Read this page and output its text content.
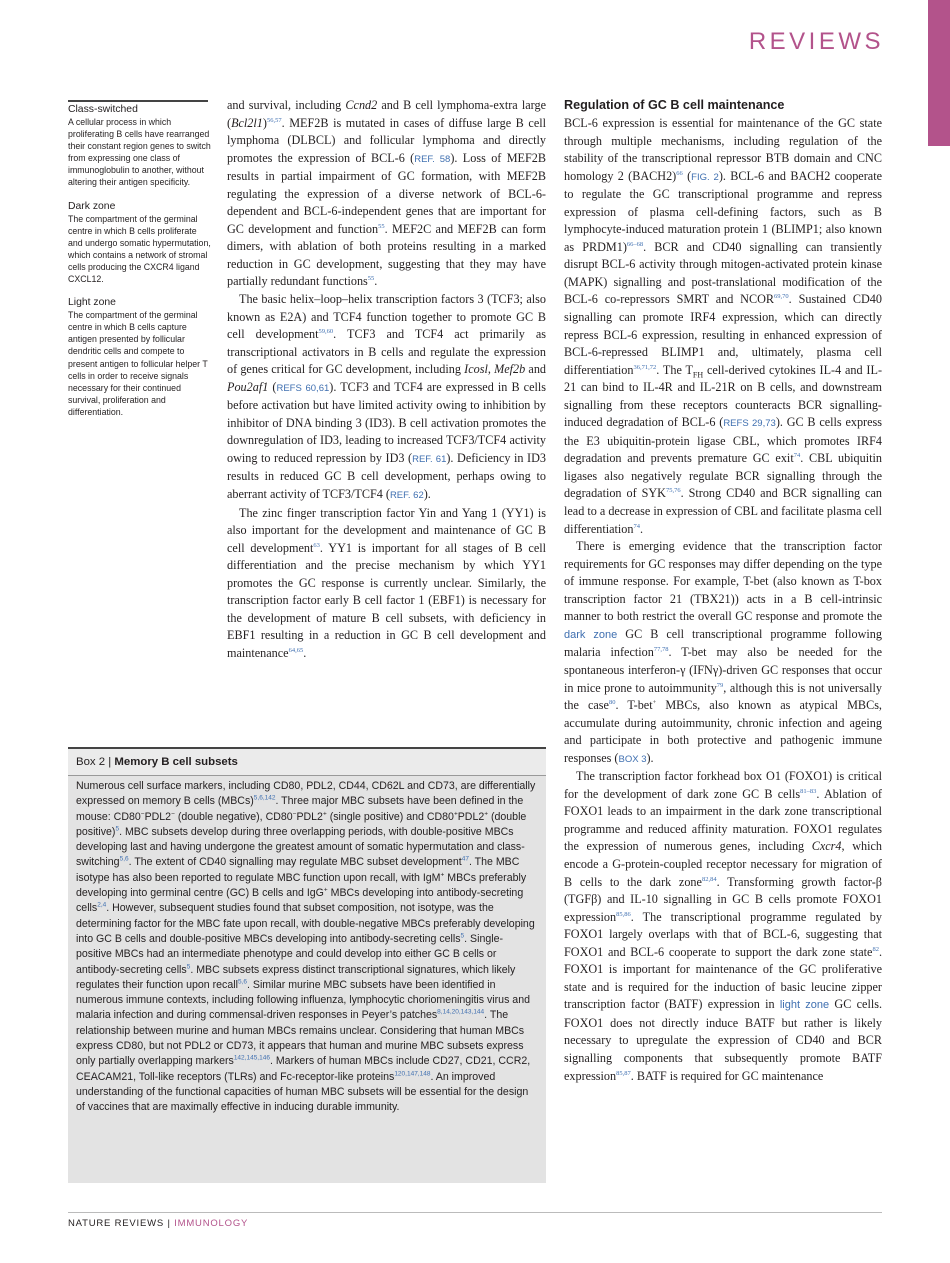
REVIEWS
Class-switched
A cellular process in which proliferating B cells have rearranged their constant region genes to switch from expressing one class of immunoglobulin to another, without altering their antigen specificity.
Dark zone
The compartment of the germinal centre in which B cells proliferate and undergo somatic hypermutation, which contains a network of stromal cells producing the CXCR4 ligand CXCL12.
Light zone
The compartment of the germinal centre in which B cells capture antigen presented by follicular dendritic cells and compete to present antigen to follicular helper T cells in order to receive signals necessary for their continued survival, proliferation and differentiation.

and survival, including Ccnd2 and B cell lymphoma-extra large $(Bcl2l1)^{56,57}$. MEF2B is mutated in cases of diffuse large B cell lymphoma (DLBCL) and follicular lymphoma and directly promotes the expression of BCL-6 (REF. 58). Loss of MEF2B results in partial impairment of GC formation, with MEF2B regulating the expression of a diverse network of BCL-6-dependent and BCL-6-independent genes that are important for GC development and function$^{55}$. MEF2C and MEF2B can form dimers, with ablation of both proteins resulting in a marked reduction in GC development, suggesting that they may have partially redundant functions$^{55}$.

The basic helix–loop–helix transcription factors 3 (TCF3; also known as E2A) and TCF4 function together to promote GC B cell development$^{59,60}$. TCF3 and TCF4 act primarily as transcriptional activators in B cells and regulate the expression of genes critical for GC development, including Icosl, Mef2b and Pou2af1 (REFS 60,61). TCF3 and TCF4 are expressed in B cells before activation but have limited activity owing to inhibition by inhibitor of DNA binding 3 (ID3). B cell activation promotes the downregulation of ID3, leading to increased TCF3/TCF4 activity owing to reduced repression by ID3 (REF. 61). Deficiency in ID3 results in reduced GC B cell development, perhaps owing to aberrant activity of TCF3/TCF4 (REF. 62).

The zinc finger transcription factor Yin and Yang 1 (YY1) is also important for the development and maintenance of GC B cell development$^{63}$. YY1 is important for all stages of B cell differentiation and the precise mechanism by which YY1 promotes the GC response is currently unclear. Similarly, the transcription factor early B cell factor 1 (EBF1) is necessary for the development of mature B cell subsets, with deficiency in EBF1 resulting in a reduction in GC B cell development and maintenance$^{64,65}$.

Regulation of GC B cell maintenance

BCL-6 expression is essential for maintenance of the GC state through multiple mechanisms, including regulation of the stability of the transcriptional repressor BTB domain and CNC homology 2 (BACH2)$^{66}$ (FIG. 2). BCL-6 and BACH2 cooperate to regulate the GC transcriptional programme and repress expression of plasma cell-defining factors, such as B lymphocyte-induced maturation protein 1 (BLIMP1; also known as PRDM1)$^{66-68}$. BCR and CD40 signalling can transiently disrupt BCL-6 activity through mitogen-activated protein kinase (MAPK) signalling and post-translational modification of the BCL-6 co-repressors SMRT and NCOR$^{69,70}$. Sustained CD40 signalling can promote IRF4 expression, which can directly repress BCL-6 expression, resulting in enhanced expression of BCL-6-repressed BLIMP1 and, ultimately, plasma cell differentiation$^{36,71,72}$. The $T_{FH}$ cell-derived cytokines IL-4 and IL-21 can bind to IL-4R and IL-21R on B cells, and downstream signalling from these receptors counteracts BCR signalling-induced degradation of BCL-6 (REFS 29,73). GC B cells express the E3 ubiquitin-protein ligase CBL, which promotes IRF4 degradation and prevents premature GC exit$^{74}$. CBL ubiquitin ligases also negatively regulate BCR signalling through the degradation of SYK$^{75,76}$. Strong CD40 and BCR signalling can lead to a decrease in expression of CBL and facilitate plasma cell differentiation$^{74}$.

There is emerging evidence that the transcription factor requirements for GC responses may differ depending on the type of immune response. For example, T-bet (also known as T-box transcription factor 21 (TBX21)) acts in a B cell-intrinsic manner to both restrict the overall GC response and promote the dark zone GC B cell transcriptional programme following malaria infection$^{77,78}$. T-bet may also be needed for the spontaneous interferon-γ (IFNγ)-driven GC responses that occur in mice prone to autoimmunity$^{79}$, although this is not universally the case$^{80}$. T-bet+ MBCs, also known as atypical MBCs, accumulate during autoimmunity, chronic infection and ageing and participate in both protective and pathogenic immune responses (BOX 3).

The transcription factor forkhead box O1 (FOXO1) is critical for the development of dark zone GC B cells$^{81-83}$. Ablation of FOXO1 leads to an impairment in the dark zone transcriptional programme and reduced affinity maturation. FOXO1 regulates the expression of numerous genes, including Cxcr4, which encode a G-protein-coupled receptor necessary for migration of B cells to the dark zone$^{82,84}$. Transforming growth factor-β (TGFβ) and IL-10 signalling in GC B cells promote FOXO1 expression$^{85,86}$. The transcriptional programme regulated by FOXO1 largely overlaps with that of BCL-6, suggesting that FOXO1 and BCL-6 cooperate to support the dark zone state$^{82}$. FOXO1 is important for maintenance of the GC proliferative state and is required for the induction of basic leucine zipper transcription factor (BATF) expression in light zone GC cells. FOXO1 does not directly induce BATF but rather is likely necessary to upregulate the expression of CD40 and BCR signalling components that subsequently promote BATF expression$^{85,87}$. BATF is required for GC maintenance

Box 2 | Memory B cell subsets
Numerous cell surface markers, including CD80, PDL2, CD44, CD62L and CD73, are differentially expressed on memory B cells (MBCs)$^{5,6,142}$. Three major MBC subsets have been defined in the mouse: CD80−PDL2− (double negative), CD80−PDL2+ (single positive) and CD80+PDL2+ (double positive)$^5$. MBC subsets develop during three overlapping periods, with double-positive MBCs developing last and having undergone the greatest amount of somatic hypermutation and class-switching$^{5,6}$. The extent of CD40 signalling may regulate MBC subset development$^{47}$. The MBC isotype has also been reported to regulate MBC function upon recall, with IgM+ MBCs preferably developing into germinal centre (GC) B cells and IgG+ MBCs developing into antibody-secreting cells$^{2,4}$. However, subsequent studies found that subset composition, not isotype, was the determining factor for the MBC fate upon recall, with double-negative MBCs preferably developing into GC B cells and double-positive MBCs developing into antibody-secreting cells$^5$. Single-positive MBCs had an intermediate phenotype and could develop into either GC B cells or antibody-secreting cells$^5$. MBC subsets express distinct transcriptional signatures, which likely regulates their function upon recall$^{5,6}$. Similar murine MBC subsets have been identified in numerous immune contexts, including following influenza, lymphocytic choriomeningitis virus and malaria infection and during commensal-driven responses in Peyer’s patches$^{8,14,20,143,144}$. The relationship between murine and human MBCs remains unclear. Considering that human MBCs express CD80, but not PDL2 or CD73, it appears that human and murine MBC subsets express only partially overlapping markers$^{142,145,146}$. Markers of human MBCs include CD27, CD21, CCR2, CEACAM21, Toll-like receptors (TLRs) and Fc-receptor-like proteins$^{120,147,148}$. An improved understanding of the functional capacities of human MBC subsets will be essential for the design of vaccines that are maximally effective in inducing durable immunity.
NATURE REVIEWS | IMMUNOLOGY
